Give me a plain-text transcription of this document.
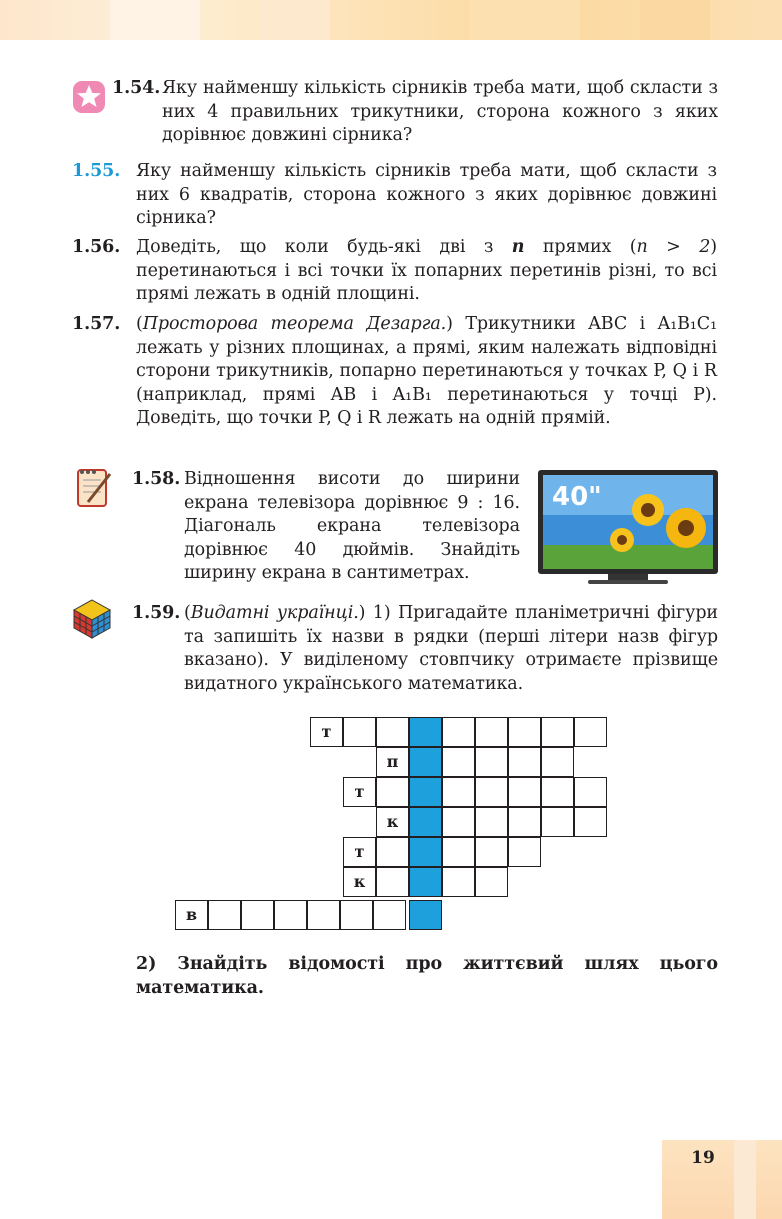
1.54. Яку найменшу кількість сірників треба мати, щоб скласти з них 4 правильних трикутники, сторона кожного з яких дорівнює довжині сірника?
1.55. Яку найменшу кількість сірників треба мати, щоб скласти з них 6 квадратів, сторона кожного з яких дорівнює довжині сірника?
1.56. Доведіть, що коли будь-які дві з n прямих (n > 2) перетинаються і всі точки їх попарних перетинів різні, то всі прямі лежать в одній площині.
1.57. (Просторова теорема Дезарга.) Трикутники ABC і A₁B₁C₁ лежать у різних площинах, а прямі, яким належать відповідні сторони трикутників, попарно перетинаються у точках P, Q і R (наприклад, прямі AB і A₁B₁ перетинаються у точці P). Доведіть, що точки P, Q і R лежать на одній прямій.
1.58. Відношення висоти до ширини екрана телевізора дорівнює 9 : 16. Діагональ екрана телевізора дорівнює 40 дюймів. Знайдіть ширину екрана в сантиметрах.
40"
1.59. (Видатні українці.) 1) Пригадайте планіметричні фігури та запишіть їх назви в рядки (перші літери назв фігур вказано). У виділеному стовпчику отримаєте прізвище видатного українського математика.
т
п
т
к
т
к
в
2) Знайдіть відомості про життєвий шлях цього математика.
19
